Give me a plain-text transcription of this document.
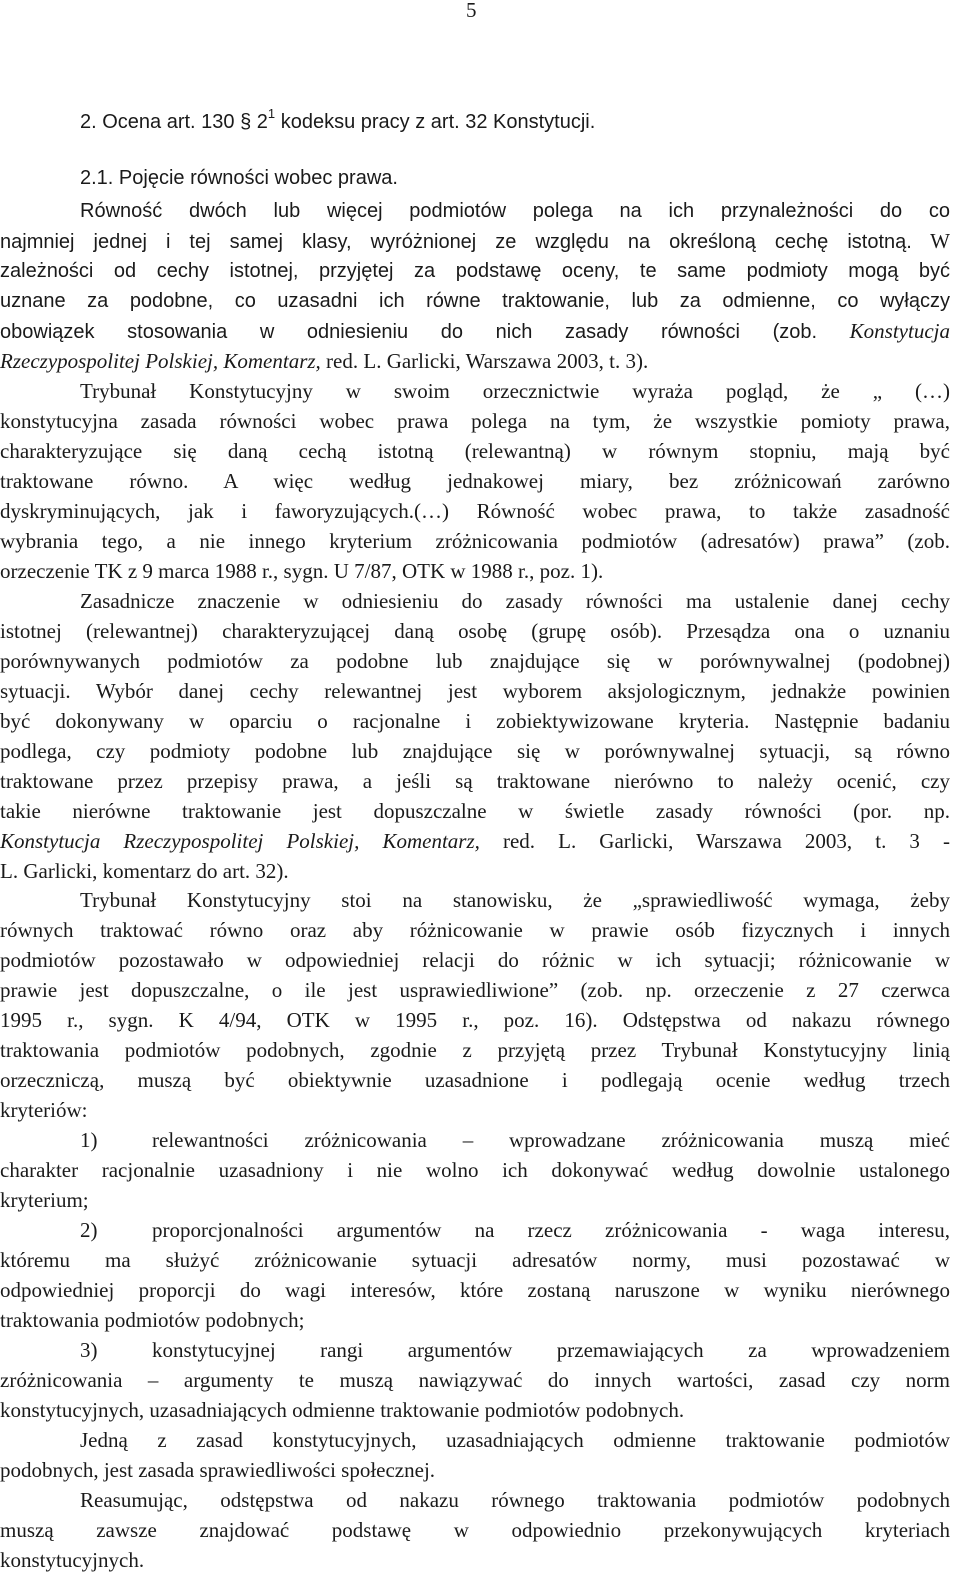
5
2. Ocena art. 130 § $2^1$ kodeksu pracy z art. 32 Konstytucji.
2.1. Pojęcie równości wobec prawa.
Równość dwóch lub więcej podmiotów polega na ich przynależności do co
najmniej jednej i tej samej klasy, wyróżnionej ze względu na określoną cechę istotną. W
zależności od cechy istotnej, przyjętej za podstawę oceny, te same podmioty mogą być
uznane za podobne, co uzasadni ich równe traktowanie, lub za odmienne, co wyłączy
obowiązek stosowania w odniesieniu do nich zasady równości (zob. Konstytucja
Rzeczypospolitej Polskiej, Komentarz, red. L. Garlicki, Warszawa 2003, t. 3).
Trybunał Konstytucyjny w swoim orzecznictwie wyraża pogląd, że „ (…)
konstytucyjna zasada równości wobec prawa polega na tym, że wszystkie pomioty prawa,
charakteryzujące się daną cechą istotną (relewantną) w równym stopniu, mają być
traktowane równo. A więc według jednakowej miary, bez zróżnicowań zarówno
dyskryminujących, jak i faworyzujących.(…) Równość wobec prawa, to także zasadność
wybrania tego, a nie innego kryterium zróżnicowania podmiotów (adresatów) prawa” (zob.
orzeczenie TK z 9 marca 1988 r., sygn. U 7/87, OTK w 1988 r., poz. 1).
Zasadnicze znaczenie w odniesieniu do zasady równości ma ustalenie danej cechy
istotnej (relewantnej) charakteryzującej daną osobę (grupę osób). Przesądza ona o uznaniu
porównywanych podmiotów za podobne lub znajdujące się w porównywalnej (podobnej)
sytuacji. Wybór danej cechy relewantnej jest wyborem aksjologicznym, jednakże powinien
być dokonywany w oparciu o racjonalne i zobiektywizowane kryteria. Następnie badaniu
podlega, czy podmioty podobne lub znajdujące się w porównywalnej sytuacji, są równo
traktowane przez przepisy prawa, a jeśli są traktowane nierówno to należy ocenić, czy
takie nierówne traktowanie jest dopuszczalne w świetle zasady równości (por. np.
Konstytucja Rzeczypospolitej Polskiej, Komentarz, red. L. Garlicki, Warszawa 2003, t. 3 -
L. Garlicki, komentarz do art. 32).
Trybunał Konstytucyjny stoi na stanowisku, że „sprawiedliwość wymaga, żeby
równych traktować równo oraz aby różnicowanie w prawie osób fizycznych i innych
podmiotów pozostawało w odpowiedniej relacji do różnic w ich sytuacji; różnicowanie w
prawie jest dopuszczalne, o ile jest usprawiedliwione” (zob. np. orzeczenie z 27 czerwca
1995 r., sygn. K 4/94, OTK w 1995 r., poz. 16). Odstępstwa od nakazu równego
traktowania podmiotów podobnych, zgodnie z przyjętą przez Trybunał Konstytucyjny linią
orzeczniczą, muszą być obiektywnie uzasadnione i podlegają ocenie według trzech
kryteriów:
1)	relewantności zróżnicowania – wprowadzane zróżnicowania muszą mieć
charakter racjonalnie uzasadniony i nie wolno ich dokonywać według dowolnie ustalonego
kryterium;
2)	proporcjonalności argumentów na rzecz zróżnicowania - waga interesu,
któremu ma służyć zróżnicowanie sytuacji adresatów normy, musi pozostawać w
odpowiedniej proporcji do wagi interesów, które zostaną naruszone w wyniku nierównego
traktowania podmiotów podobnych;
3)	konstytucyjnej rangi argumentów przemawiających za wprowadzeniem
zróżnicowania – argumenty te muszą nawiązywać do innych wartości, zasad czy norm
konstytucyjnych, uzasadniających odmienne traktowanie podmiotów podobnych.
Jedną z zasad konstytucyjnych, uzasadniających odmienne traktowanie podmiotów
podobnych, jest zasada sprawiedliwości społecznej.
Reasumując, odstępstwa od nakazu równego traktowania podmiotów podobnych
muszą zawsze znajdować podstawę w odpowiednio przekonywujących kryteriach
konstytucyjnych.
